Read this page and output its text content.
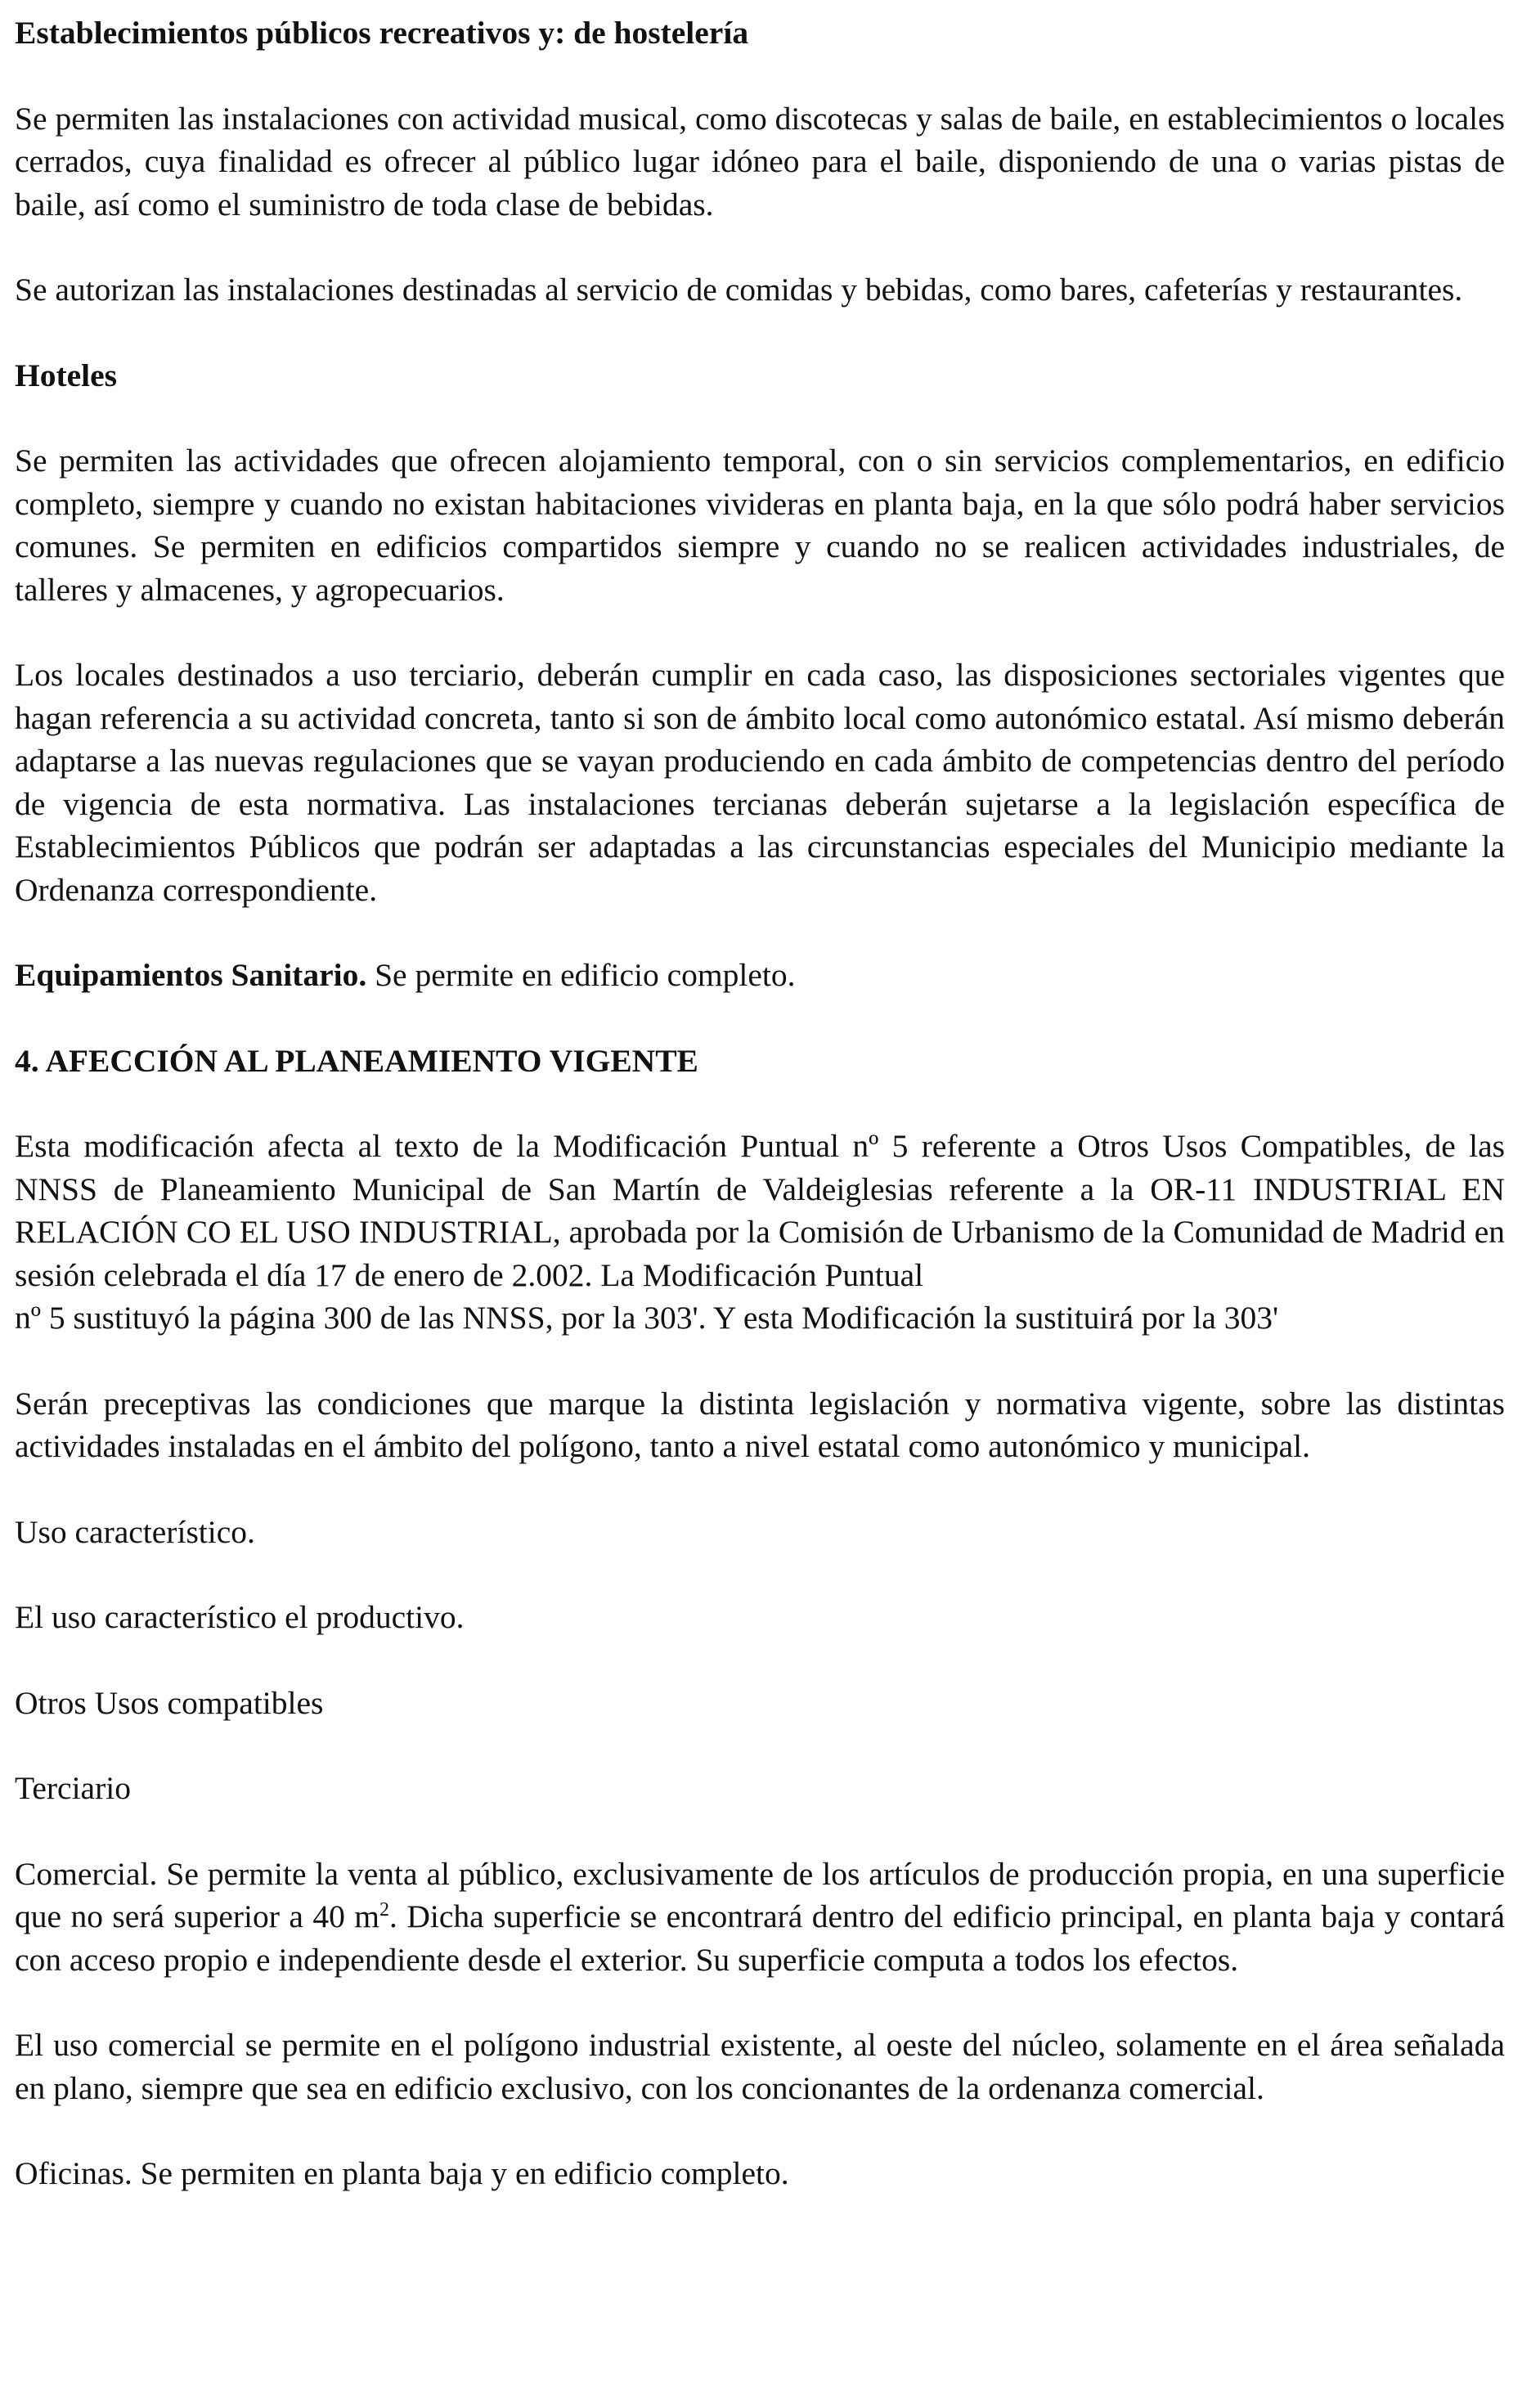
Establecimientos públicos recreativos y: de hostelería

Se permiten las instalaciones con actividad musical, como discotecas y salas de baile, en establecimientos o locales cerrados, cuya finalidad es ofrecer al público lugar idóneo para el baile, disponiendo de una o varias pistas de baile, así como el suministro de toda clase de bebidas.

Se autorizan las instalaciones destinadas al servicio de comidas y bebidas, como bares, cafeterías y restaurantes.

Hoteles

Se permiten las actividades que ofrecen alojamiento temporal, con o sin servicios complementarios, en edificio completo, siempre y cuando no existan habitaciones vivideras en planta baja, en la que sólo podrá haber servicios comunes. Se permiten en edificios compartidos siempre y cuando no se realicen actividades industriales, de talleres y almacenes, y agropecuarios.

Los locales destinados a uso terciario, deberán cumplir en cada caso, las disposiciones sectoriales vigentes que hagan referencia a su actividad concreta, tanto si son de ámbito local como autonómico estatal. Así mismo deberán adaptarse a las nuevas regulaciones que se vayan produciendo en cada ámbito de competencias dentro del período de vigencia de esta normativa. Las instalaciones tercianas deberán sujetarse a la legislación específica de Establecimientos Públicos que podrán ser adaptadas a las circunstancias especiales del Municipio mediante la Ordenanza correspondiente.

Equipamientos Sanitario. Se permite en edificio completo.

4. AFECCIÓN AL PLANEAMIENTO VIGENTE

Esta modificación afecta al texto de la Modificación Puntual nº 5 referente a Otros Usos Compatibles, de las NNSS de Planeamiento Municipal de San Martín de Valdeiglesias referente a la OR-11 INDUSTRIAL EN RELACIÓN CO EL USO INDUSTRIAL, aprobada por la Comisión de Urbanismo de la Comunidad de Madrid en sesión celebrada el día 17 de enero de 2.002. La Modificación Puntual

nº 5 sustituyó la página 300 de las NNSS, por la 303'. Y esta Modificación la sustituirá por la 303'

Serán preceptivas las condiciones que marque la distinta legislación y normativa vigente, sobre las distintas actividades instaladas en el ámbito del polígono, tanto a nivel estatal como autonómico y municipal.

Uso característico.

El uso característico el productivo.

Otros Usos compatibles

Terciario

Comercial. Se permite la venta al público, exclusivamente de los artículos de producción propia, en una superficie que no será superior a 40 $m^2$. Dicha superficie se encontrará dentro del edificio principal, en planta baja y contará con acceso propio e independiente desde el exterior. Su superficie computa a todos los efectos.

El uso comercial se permite en el polígono industrial existente, al oeste del núcleo, solamente en el área señalada en plano, siempre que sea en edificio exclusivo, con los concionantes de la ordenanza comercial.

Oficinas. Se permiten en planta baja y en edificio completo.
